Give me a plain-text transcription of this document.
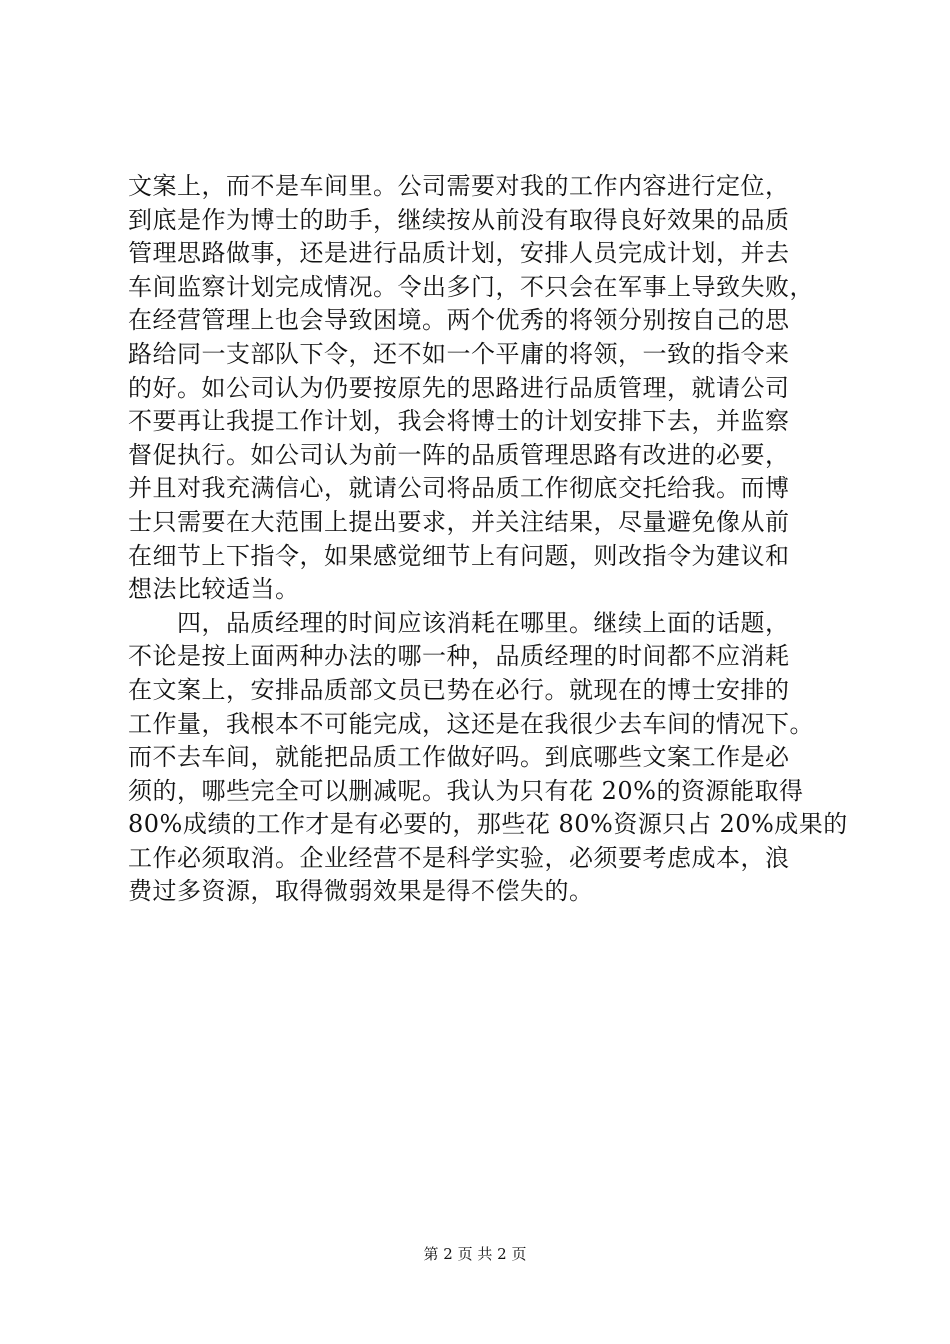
文案上，而不是车间里。公司需要对我的工作内容进行定位，
到底是作为博士的助手，继续按从前没有取得良好效果的品质
管理思路做事，还是进行品质计划，安排人员完成计划，并去
车间监察计划完成情况。令出多门，不只会在军事上导致失败，
在经营管理上也会导致困境。两个优秀的将领分别按自己的思
路给同一支部队下令，还不如一个平庸的将领，一致的指令来
的好。如公司认为仍要按原先的思路进行品质管理，就请公司
不要再让我提工作计划，我会将博士的计划安排下去，并监察
督促执行。如公司认为前一阵的品质管理思路有改进的必要，
并且对我充满信心，就请公司将品质工作彻底交托给我。而博
士只需要在大范围上提出要求，并关注结果，尽量避免像从前
在细节上下指令，如果感觉细节上有问题，则改指令为建议和
想法比较适当。
　　四，品质经理的时间应该消耗在哪里。继续上面的话题，
不论是按上面两种办法的哪一种，品质经理的时间都不应消耗
在文案上，安排品质部文员已势在必行。就现在的博士安排的
工作量，我根本不可能完成，这还是在我很少去车间的情况下。
而不去车间，就能把品质工作做好吗。到底哪些文案工作是必
须的，哪些完全可以删减呢。我认为只有花 20%的资源能取得
80%成绩的工作才是有必要的，那些花 80%资源只占 20%成果的
工作必须取消。企业经营不是科学实验，必须要考虑成本，浪
费过多资源，取得微弱效果是得不偿失的。
第 2 页 共 2 页
